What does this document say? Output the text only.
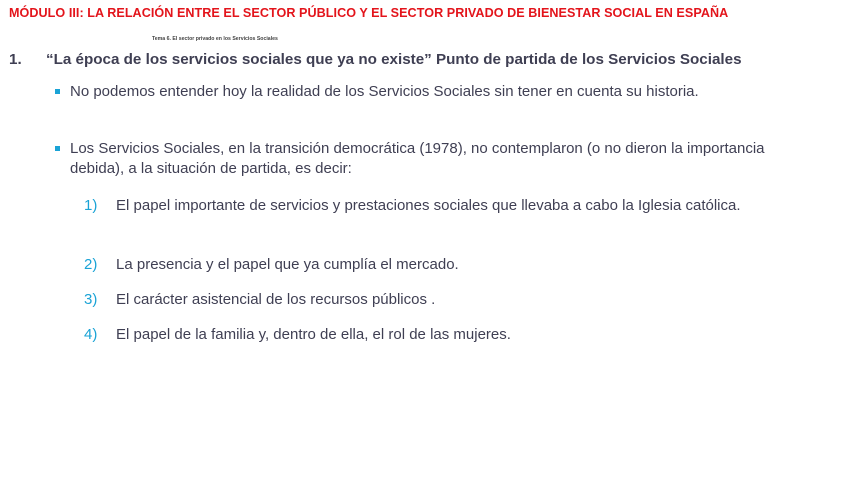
MÓDULO III: LA RELACIÓN ENTRE EL SECTOR PÚBLICO Y EL SECTOR PRIVADO DE BIENESTAR SOCIAL EN ESPAÑA
Tema 6. El sector privado en los Servicios Sociales
1. “La época de los servicios sociales que ya no existe” Punto de partida de los Servicios Sociales
No podemos entender hoy la realidad de los Servicios Sociales sin tener en cuenta su historia.
Los Servicios Sociales, en la transición democrática (1978), no contemplaron (o no dieron la importancia debida), a la situación de partida, es decir:
1)	El papel importante de servicios y prestaciones sociales que llevaba a cabo la Iglesia católica.
2)	La presencia y el papel que ya cumplía el mercado.
3)	El carácter asistencial de los recursos públicos .
4)	El papel de la familia y, dentro de ella, el rol de las mujeres.
